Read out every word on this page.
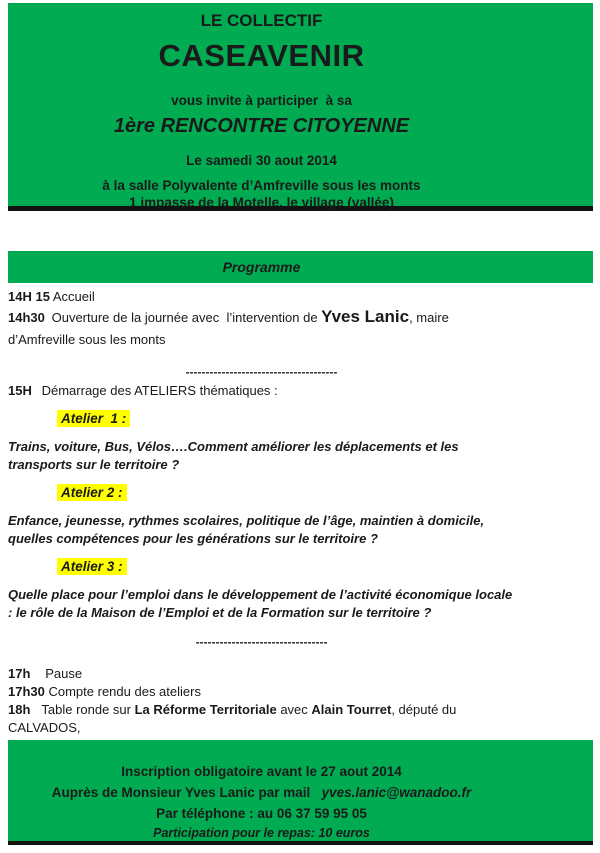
LE COLLECTIF
CASEAVENIR
vous invite à participer  à sa
1ère RENCONTRE CITOYENNE
Le samedi 30 aout 2014
à la salle Polyvalente d’Amfreville sous les monts
1 impasse de la Motelle, le village (vallée)
Programme
14H 15 Accueil
14h30 Ouverture de la journée avec  l’intervention de Yves Lanic, maire d’Amfreville sous les monts
--------------------------------------
15H Démarrage des ATELIERS thématiques :
Atelier  1 :
Trains, voiture, Bus, Vélos….Comment améliorer les déplacements et les transports sur le territoire ?
Atelier 2 :
Enfance, jeunesse, rythmes scolaires, politique de l’âge, maintien à domicile, quelles compétences pour les générations sur le territoire ?
Atelier 3 :
Quelle place pour l’emploi dans le développement de l’activité économique locale : le rôle de la Maison de l’Emploi et de la Formation sur le territoire ?
---------------------------------
17h  Pause
17h30 Compte rendu des ateliers
18h Table ronde sur La Réforme Territoriale avec Alain Tourret, député du CALVADOS,
Inscription obligatoire avant le 27 aout 2014
Auprès de Monsieur Yves Lanic par mail   yves.lanic@wanadoo.fr
Par téléphone : au 06 37 59 95 05
Participation pour le repas: 10 euros
